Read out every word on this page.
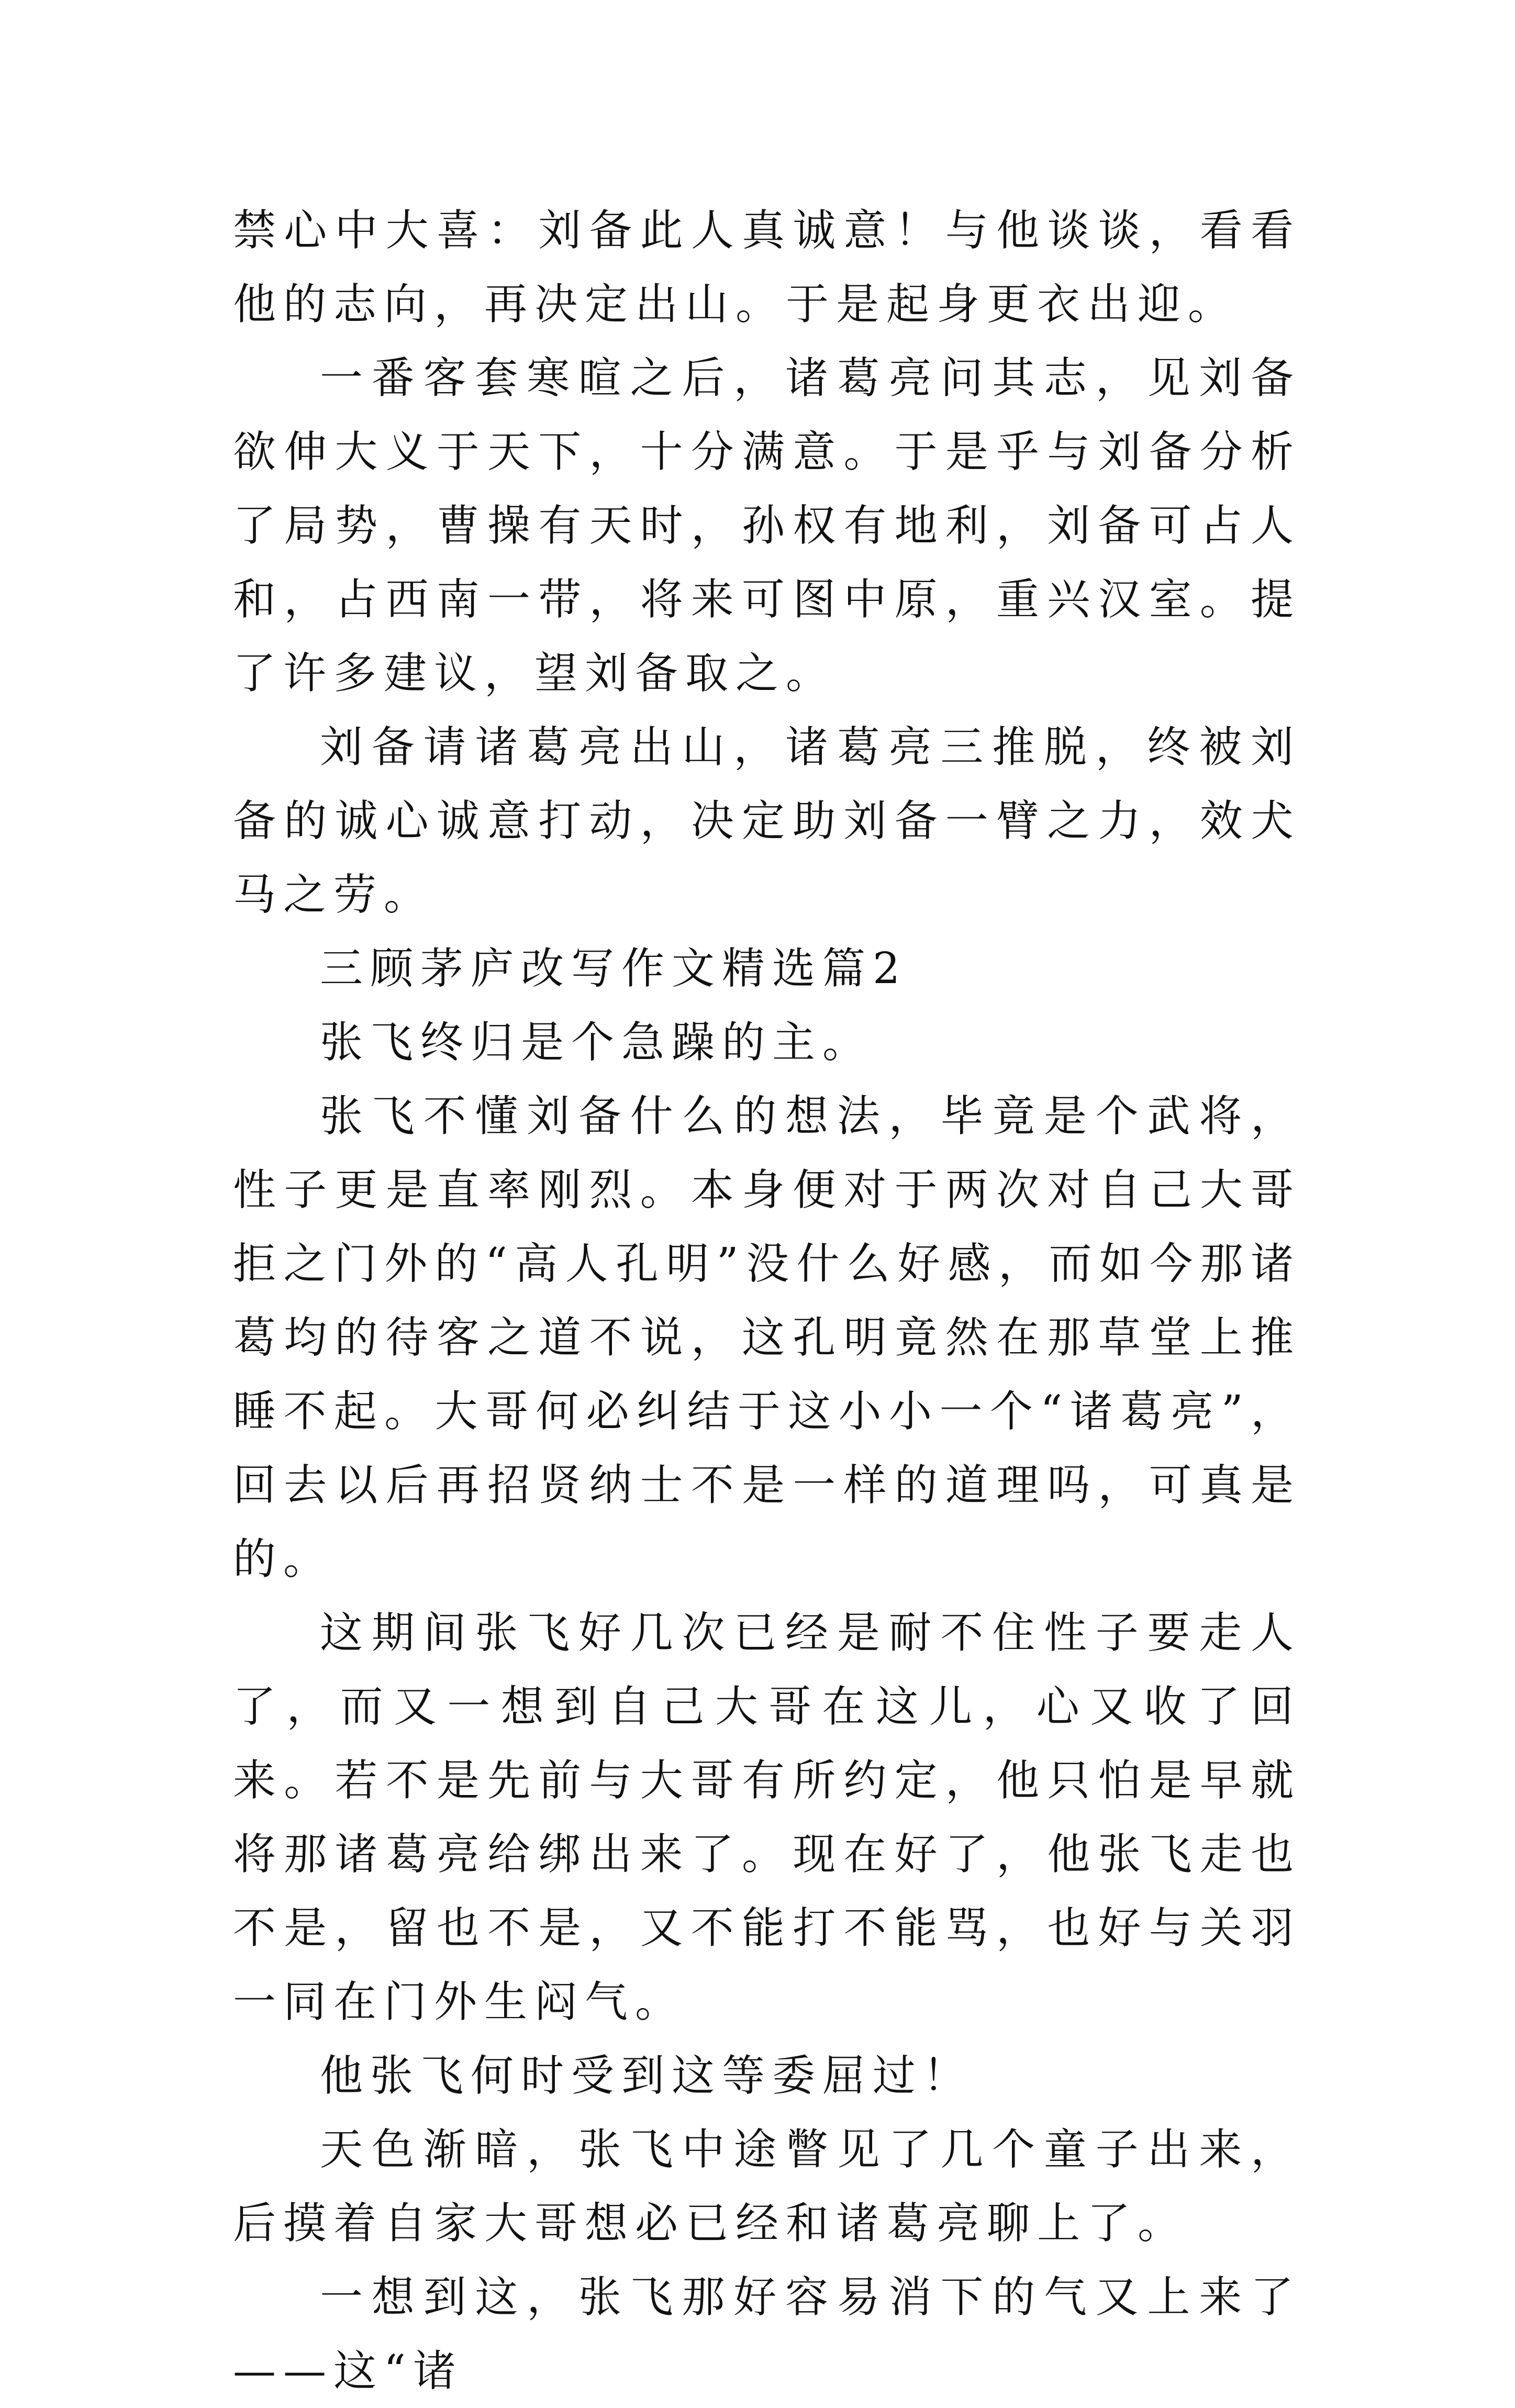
禁心中大喜：刘备此人真诚意！与他谈谈，看看他的志向，再决定出山。于是起身更衣出迎。

一番客套寒暄之后，诸葛亮问其志，见刘备欲伸大义于天下，十分满意。于是乎与刘备分析了局势，曹操有天时，孙权有地利，刘备可占人和，占西南一带，将来可图中原，重兴汉室。提了许多建议，望刘备取之。

刘备请诸葛亮出山，诸葛亮三推脱，终被刘备的诚心诚意打动，决定助刘备一臂之力，效犬马之劳。

三顾茅庐改写作文精选篇2

张飞终归是个急躁的主。

张飞不懂刘备什么的想法，毕竟是个武将，性子更是直率刚烈。本身便对于两次对自己大哥拒之门外的“高人孔明”没什么好感，而如今那诸葛均的待客之道不说，这孔明竟然在那草堂上推睡不起。大哥何必纠结于这小小一个“诸葛亮”，回去以后再招贤纳士不是一样的道理吗，可真是的。

这期间张飞好几次已经是耐不住性子要走人了，而又一想到自己大哥在这儿，心又收了回来。若不是先前与大哥有所约定，他只怕是早就将那诸葛亮给绑出来了。现在好了，他张飞走也不是，留也不是，又不能打不能骂，也好与关羽一同在门外生闷气。

他张飞何时受到这等委屈过！

天色渐暗，张飞中途瞥见了几个童子出来，后摸着自家大哥想必已经和诸葛亮聊上了。

一想到这，张飞那好容易消下的气又上来了——这“诸
